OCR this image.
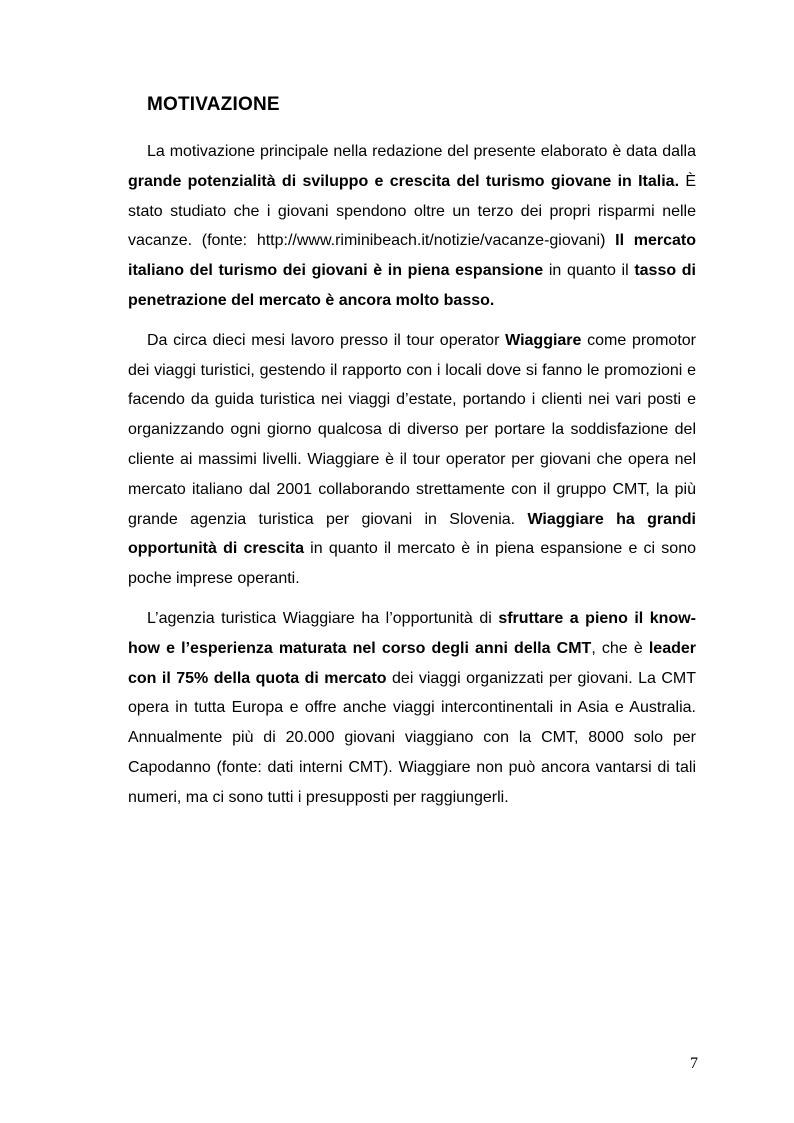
MOTIVAZIONE

La motivazione principale nella redazione del presente elaborato è data dalla grande potenzialità di sviluppo e crescita del turismo giovane in Italia. È stato studiato che i giovani spendono oltre un terzo dei propri risparmi nelle vacanze. (fonte: http://www.riminibeach.it/notizie/vacanze-giovani) Il mercato italiano del turismo dei giovani è in piena espansione in quanto il tasso di penetrazione del mercato è ancora molto basso.

Da circa dieci mesi lavoro presso il tour operator Wiaggiare come promotor dei viaggi turistici, gestendo il rapporto con i locali dove si fanno le promozioni e facendo da guida turistica nei viaggi d’estate, portando i clienti nei vari posti e organizzando ogni giorno qualcosa di diverso per portare la soddisfazione del cliente ai massimi livelli. Wiaggiare è il tour operator per giovani che opera nel mercato italiano dal 2001 collaborando strettamente con il gruppo CMT, la più grande agenzia turistica per giovani in Slovenia. Wiaggiare ha grandi opportunità di crescita in quanto il mercato è in piena espansione e ci sono poche imprese operanti.

L’agenzia turistica Wiaggiare ha l’opportunità di sfruttare a pieno il know-how e l’esperienza maturata nel corso degli anni della CMT, che è leader con il 75% della quota di mercato dei viaggi organizzati per giovani. La CMT opera in tutta Europa e offre anche viaggi intercontinentali in Asia e Australia. Annualmente più di 20.000 giovani viaggiano con la CMT, 8000 solo per Capodanno (fonte: dati interni CMT). Wiaggiare non può ancora vantarsi di tali numeri, ma ci sono tutti i presupposti per raggiungerli.

7
